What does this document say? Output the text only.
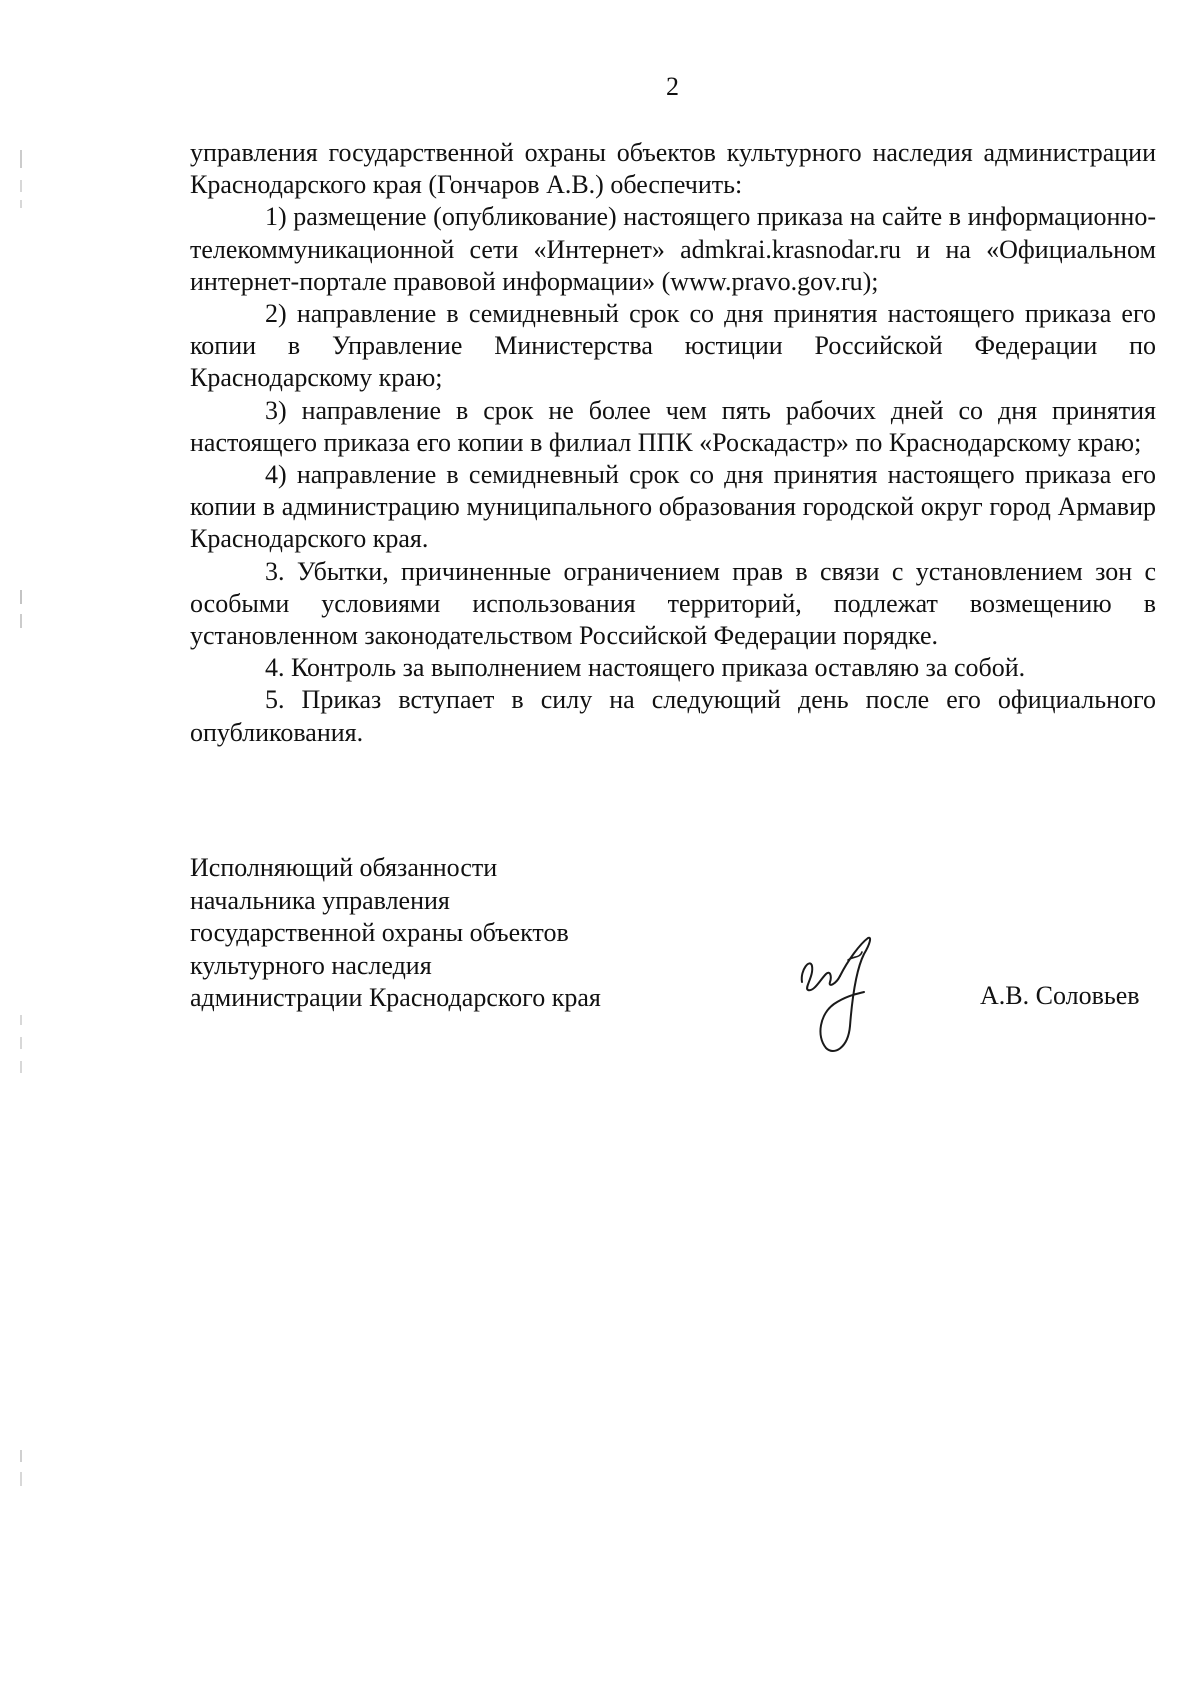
2

управления государственной охраны объектов культурного наследия администрации Краснодарского края (Гончаров А.В.) обеспечить:

1) размещение (опубликование) настоящего приказа на сайте в информационно-телекоммуникационной сети «Интернет» admkrai.krasnodar.ru и на «Официальном интернет-портале правовой информации» (www.pravo.gov.ru);

2) направление в семидневный срок со дня принятия настоящего приказа его копии в Управление Министерства юстиции Российской Федерации по Краснодарскому краю;

3) направление в срок не более чем пять рабочих дней со дня принятия настоящего приказа его копии в филиал ППК «Роскадастр» по Краснодарскому краю;

4) направление в семидневный срок со дня принятия настоящего приказа его копии в администрацию муниципального образования городской округ город Армавир Краснодарского края.

3. Убытки, причиненные ограничением прав в связи с установлением зон с особыми условиями использования территорий, подлежат возмещению в установленном законодательством Российской Федерации порядке.

4. Контроль за выполнением настоящего приказа оставляю за собой.

5. Приказ вступает в силу на следующий день после его официального опубликования.

Исполняющий обязанности
начальника управления
государственной охраны объектов
культурного наследия
администрации Краснодарского края	А.В. Соловьев
